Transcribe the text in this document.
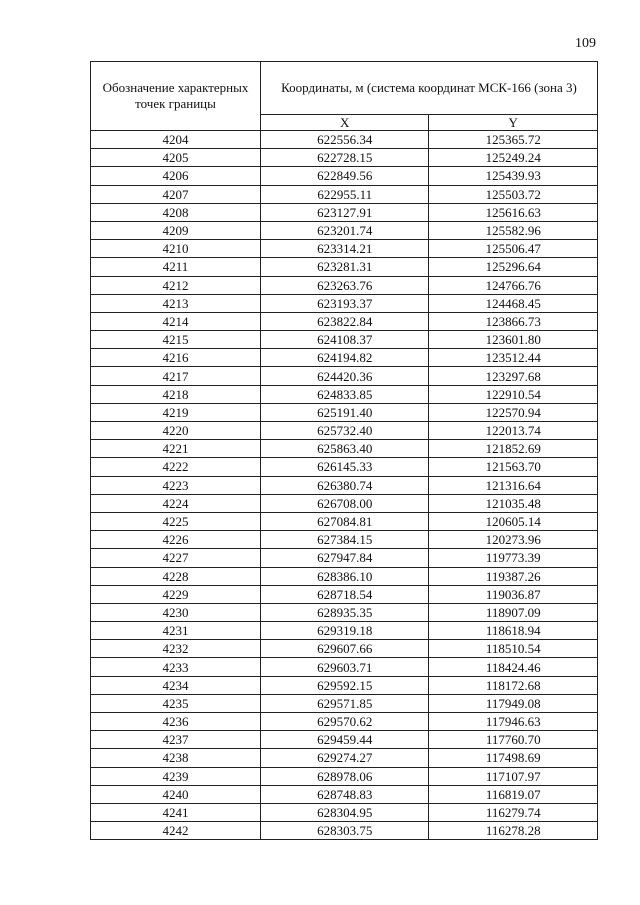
109
Обозначение характерных точек границы	Координаты, м (система координат МСК-166 (зона 3)	
	X	Y
4204	622556.34	125365.72
4205	622728.15	125249.24
4206	622849.56	125439.93
4207	622955.11	125503.72
4208	623127.91	125616.63
4209	623201.74	125582.96
4210	623314.21	125506.47
4211	623281.31	125296.64
4212	623263.76	124766.76
4213	623193.37	124468.45
4214	623822.84	123866.73
4215	624108.37	123601.80
4216	624194.82	123512.44
4217	624420.36	123297.68
4218	624833.85	122910.54
4219	625191.40	122570.94
4220	625732.40	122013.74
4221	625863.40	121852.69
4222	626145.33	121563.70
4223	626380.74	121316.64
4224	626708.00	121035.48
4225	627084.81	120605.14
4226	627384.15	120273.96
4227	627947.84	119773.39
4228	628386.10	119387.26
4229	628718.54	119036.87
4230	628935.35	118907.09
4231	629319.18	118618.94
4232	629607.66	118510.54
4233	629603.71	118424.46
4234	629592.15	118172.68
4235	629571.85	117949.08
4236	629570.62	117946.63
4237	629459.44	117760.70
4238	629274.27	117498.69
4239	628978.06	117107.97
4240	628748.83	116819.07
4241	628304.95	116279.74
4242	628303.75	116278.28
